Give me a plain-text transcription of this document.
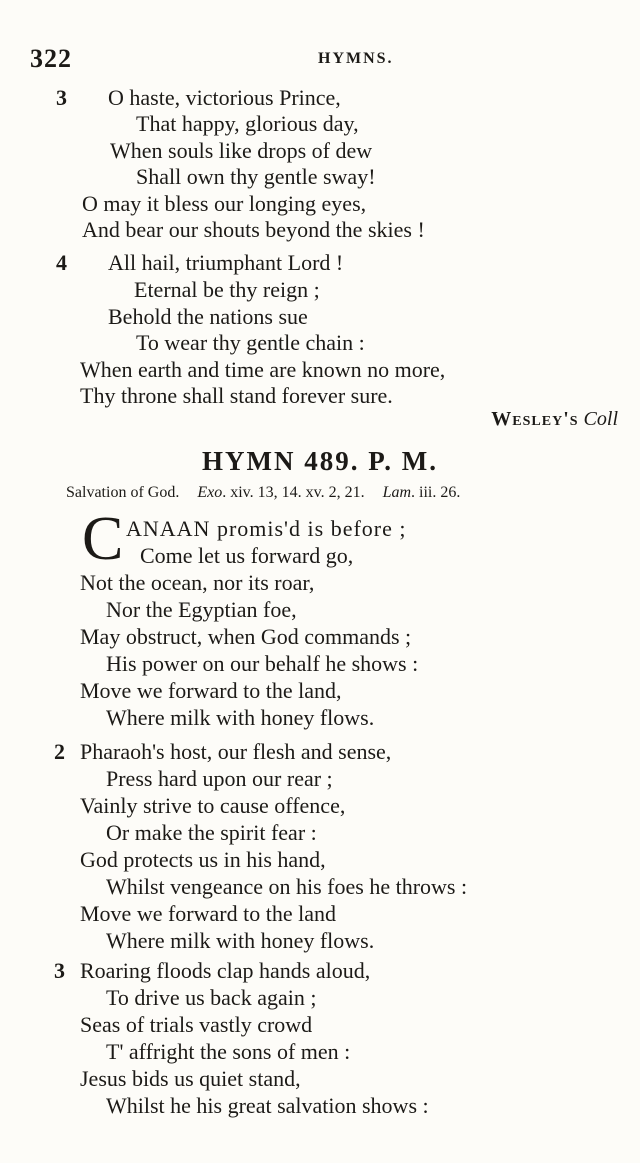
322	HYMNS.
3 O haste, victorious Prince,
That happy, glorious day,
When souls like drops of dew
Shall own thy gentle sway!
O may it bless our longing eyes,
And bear our shouts beyond the skies !
4 All hail, triumphant Lord !
Eternal be thy reign ;
Behold the nations sue
To wear thy gentle chain :
When earth and time are known no more,
Thy throne shall stand forever sure.
Wesley's Coll
HYMN 489. P. M.
Salvation of God. Exo. xiv. 13, 14. xv. 2, 21. Lam. iii. 26.
C ANAAN promis'd is before ;
Come let us forward go,
Not the ocean, nor its roar,
Nor the Egyptian foe,
May obstruct, when God commands ;
His power on our behalf he shows :
Move we forward to the land,
Where milk with honey flows.
2 Pharaoh's host, our flesh and sense,
Press hard upon our rear ;
Vainly strive to cause offence,
Or make the spirit fear :
God protects us in his hand,
Whilst vengeance on his foes he throws :
Move we forward to the land
Where milk with honey flows.
3 Roaring floods clap hands aloud,
To drive us back again ;
Seas of trials vastly crowd
T' affright the sons of men :
Jesus bids us quiet stand,
Whilst he his great salvation shows :
